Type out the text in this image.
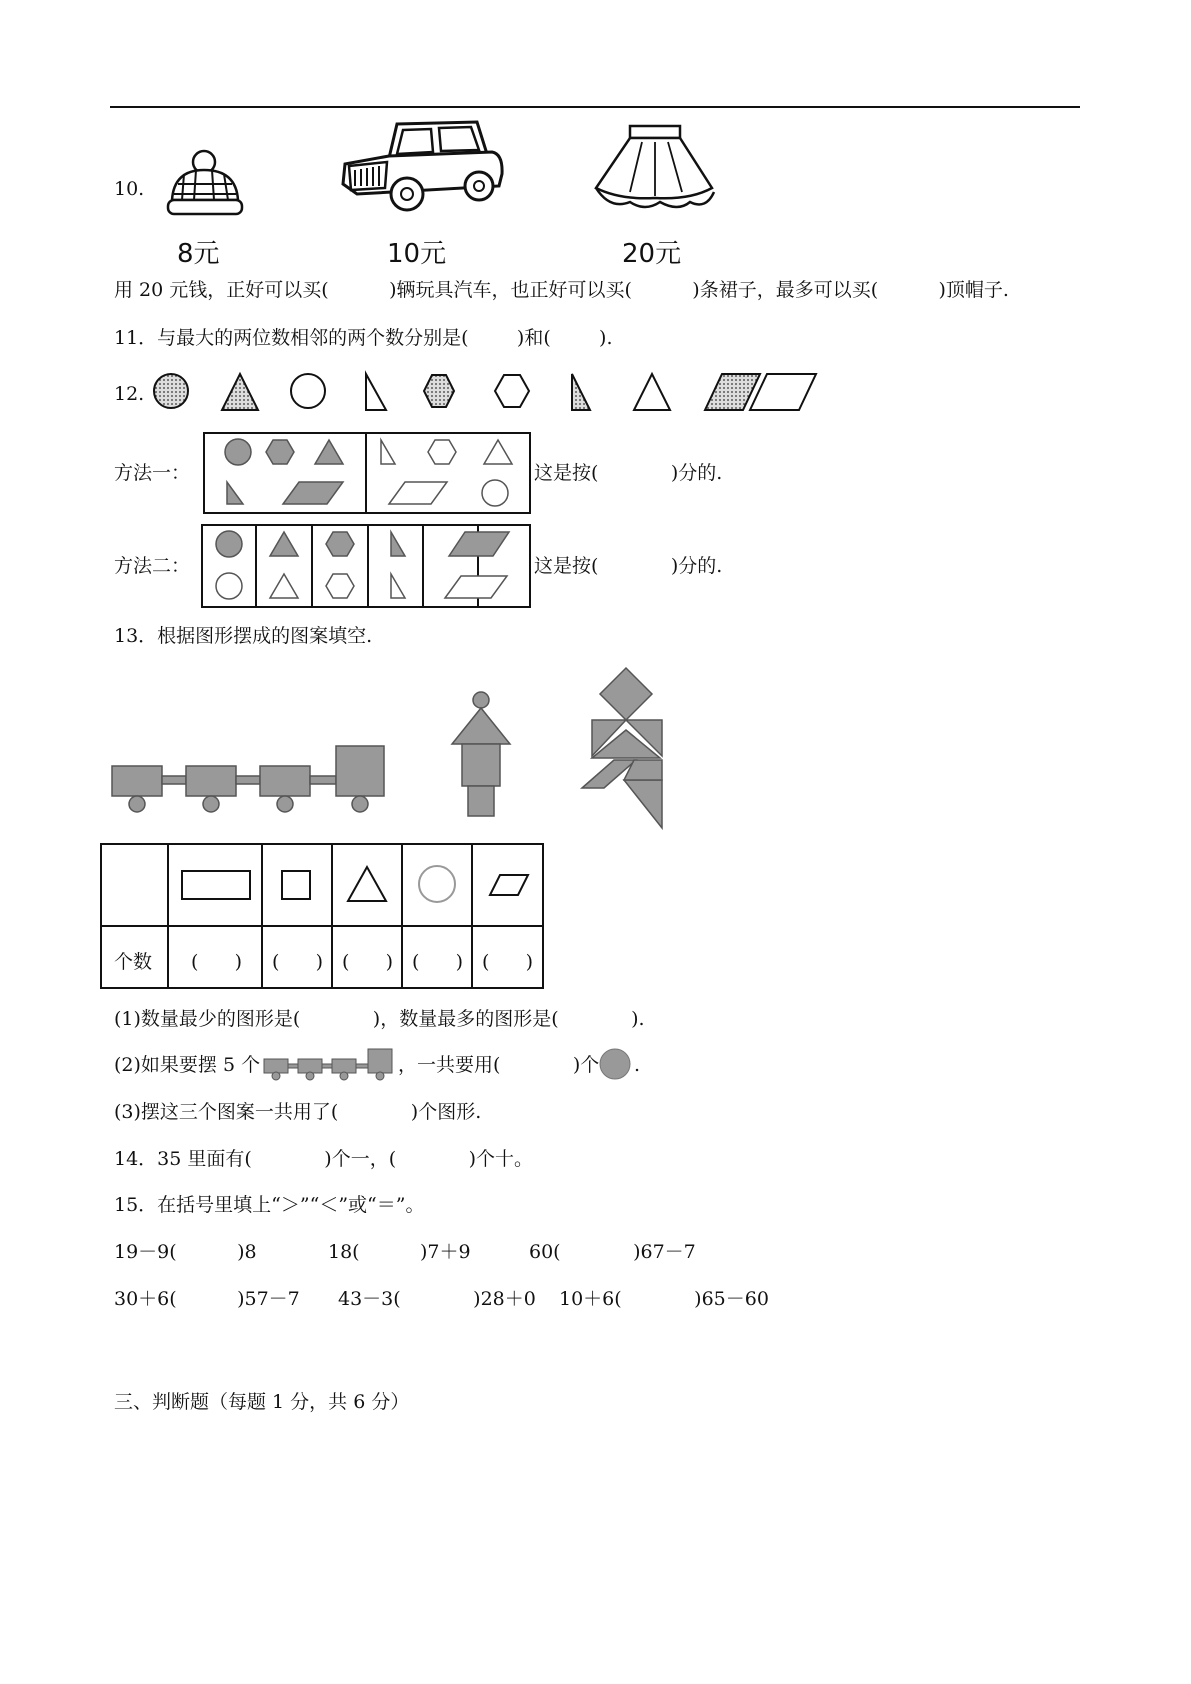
10.
8元	10元	20元
用 20 元钱，正好可以买(          )辆玩具汽车，也正好可以买(          )条裙子，最多可以买(          )顶帽子.
11．与最大的两位数相邻的两个数分别是(        )和(        ).
12.
方法一：	这是按(            )分的.
方法二：	这是按(            )分的.
13．根据图形摆成的图案填空.
个数 (      ) (      ) (      ) (      ) (      )
(1)数量最少的图形是(            )，数量最多的图形是(            ).
(2)如果要摆 5 个	，一共要用(            )个 .
(3)摆这三个图案一共用了(            )个图形.
14．35 里面有(            )个一，(            )个十。
15．在括号里填上“＞”“＜”或“＝”。
19－9(          )8	18(          )7＋9	60(            )67－7
30＋6(          )57－7 43－3(            )28＋0 10＋6(            )65－60
三、判断题（每题 1 分，共 6 分）
